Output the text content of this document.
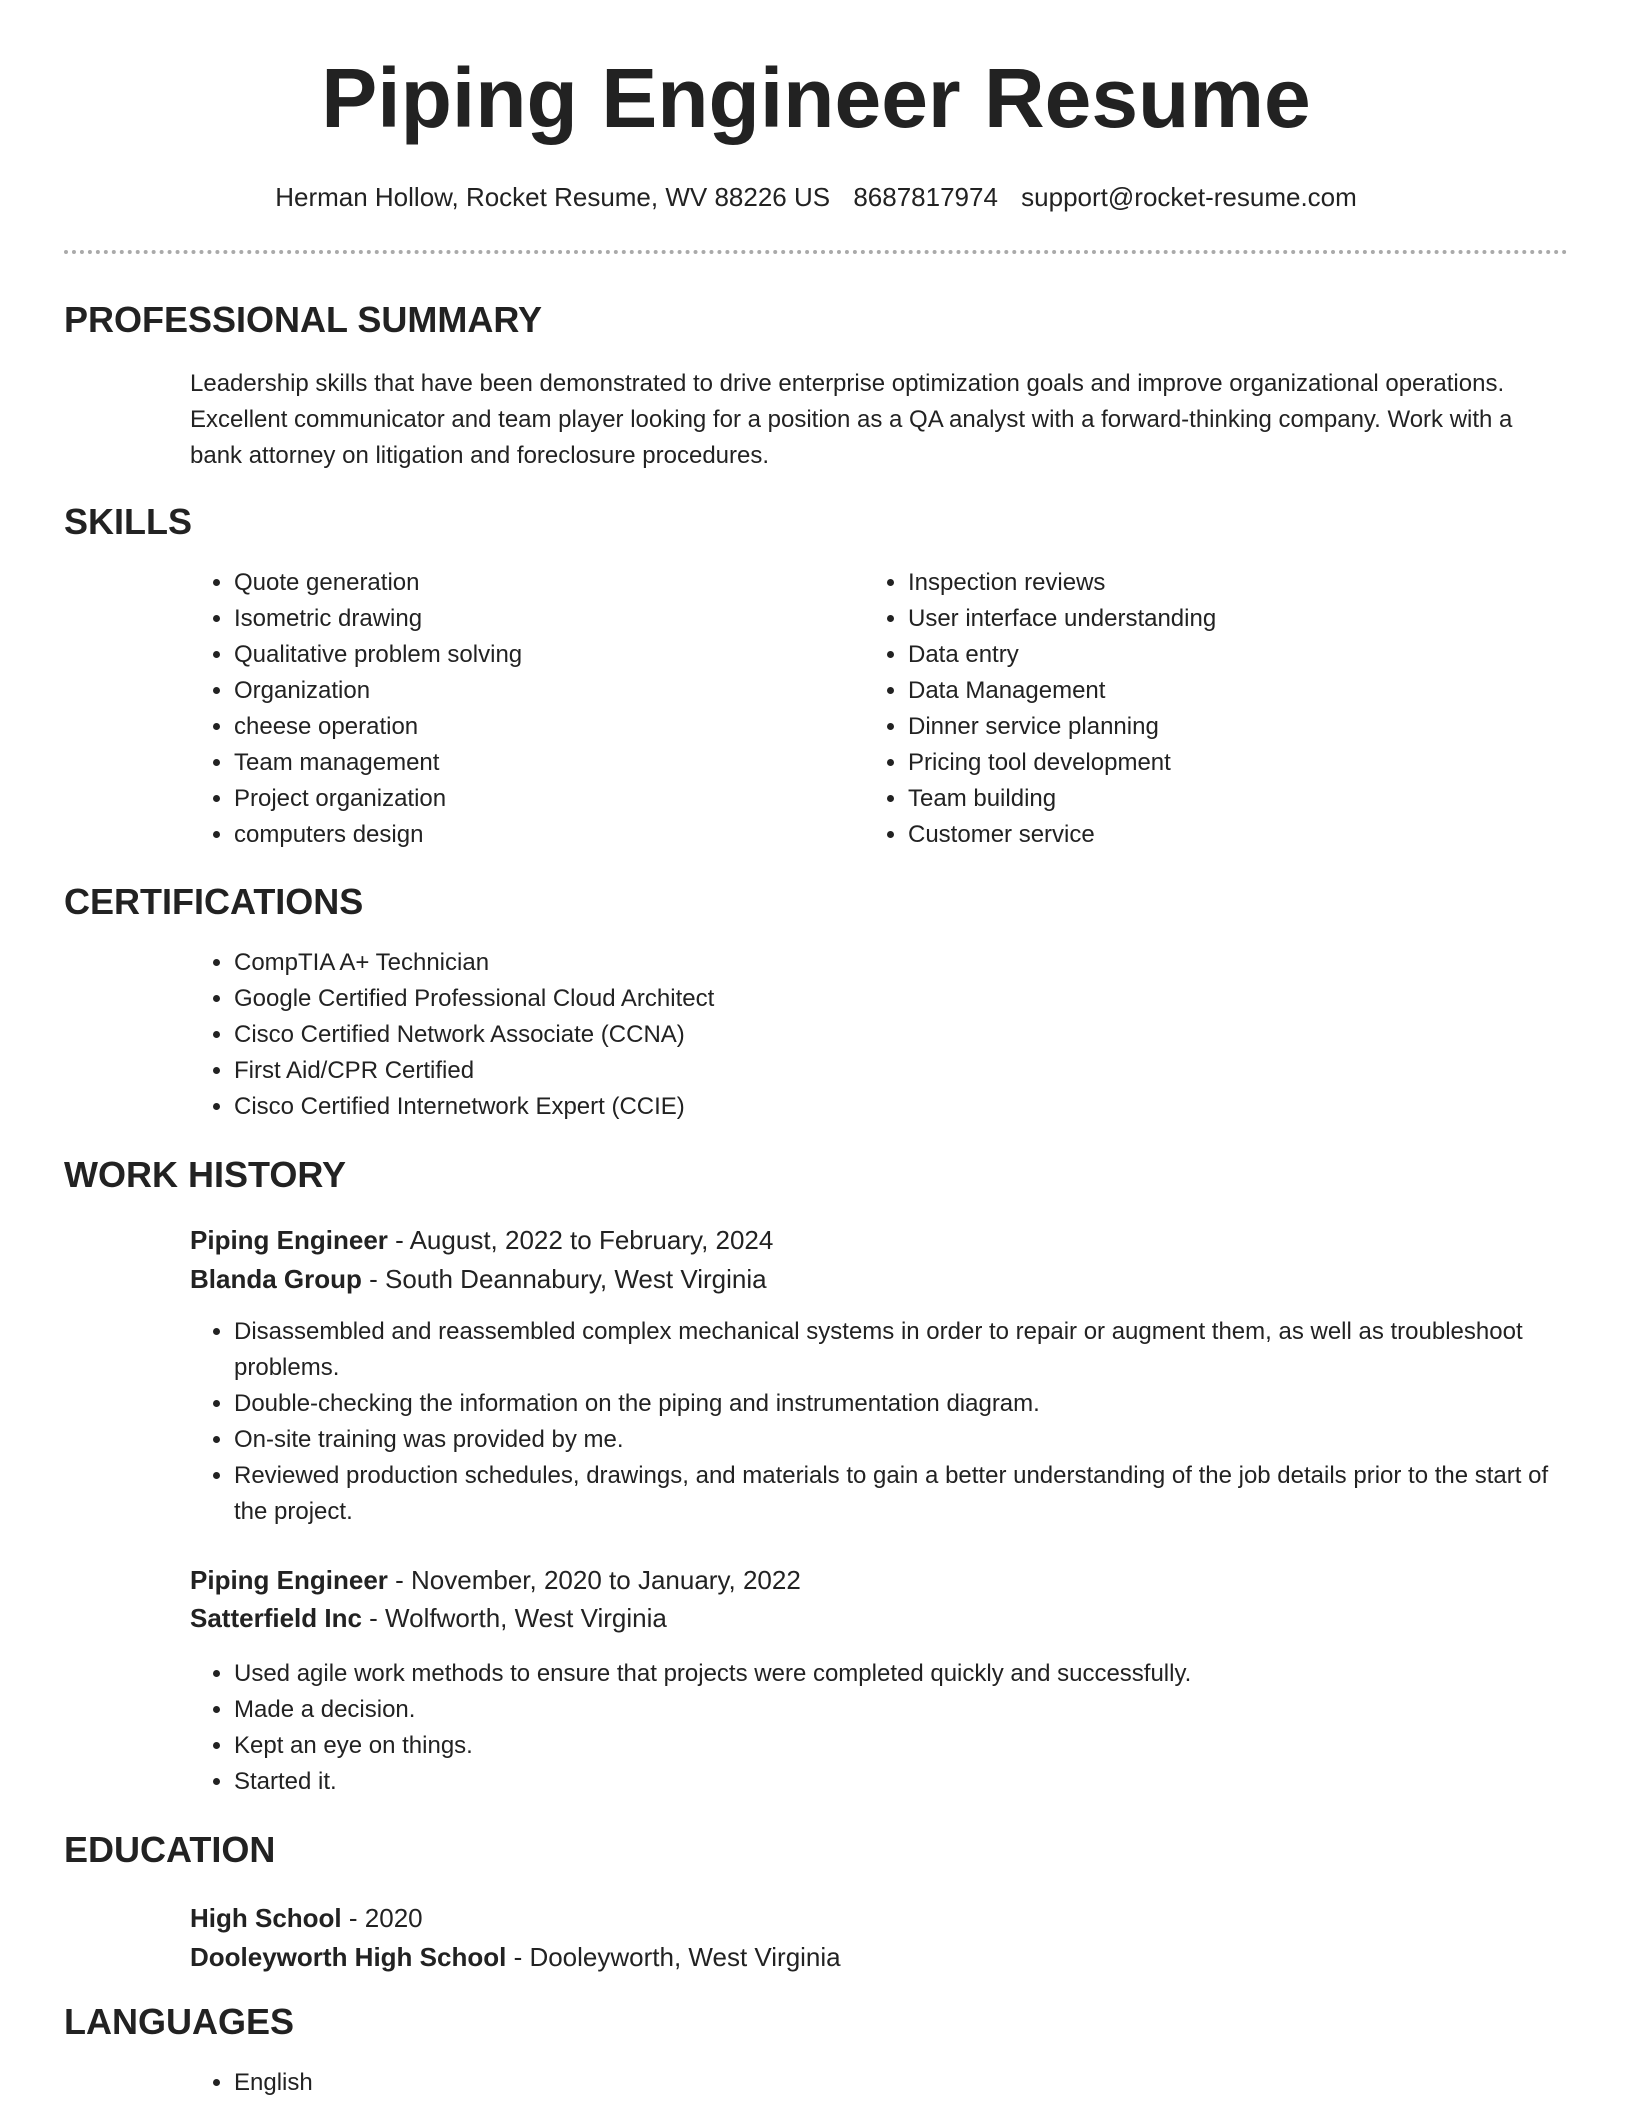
Piping Engineer Resume
Herman Hollow, Rocket Resume, WV 88226 US 8687817974 support@rocket-resume.com
PROFESSIONAL SUMMARY

Leadership skills that have been demonstrated to drive enterprise optimization goals and improve organizational operations. Excellent communicator and team player looking for a position as a QA analyst with a forward-thinking company. Work with a bank attorney on litigation and foreclosure procedures.

SKILLS
• Quote generation
• Isometric drawing
• Qualitative problem solving
• Organization
• cheese operation
• Team management
• Project organization
• computers design
• Inspection reviews
• User interface understanding
• Data entry
• Data Management
• Dinner service planning
• Pricing tool development
• Team building
• Customer service
CERTIFICATIONS
• CompTIA A+ Technician
• Google Certified Professional Cloud Architect
• Cisco Certified Network Associate (CCNA)
• First Aid/CPR Certified
• Cisco Certified Internetwork Expert (CCIE)
WORK HISTORY
Piping Engineer - August, 2022 to February, 2024
Blanda Group - South Deannabury, West Virginia
• Disassembled and reassembled complex mechanical systems in order to repair or augment them, as well as troubleshoot problems.
• Double-checking the information on the piping and instrumentation diagram.
• On-site training was provided by me.
• Reviewed production schedules, drawings, and materials to gain a better understanding of the job details prior to the start of the project.
Piping Engineer - November, 2020 to January, 2022
Satterfield Inc - Wolfworth, West Virginia
• Used agile work methods to ensure that projects were completed quickly and successfully.
• Made a decision.
• Kept an eye on things.
• Started it.
EDUCATION
High School - 2020
Dooleyworth High School - Dooleyworth, West Virginia
LANGUAGES
• English
